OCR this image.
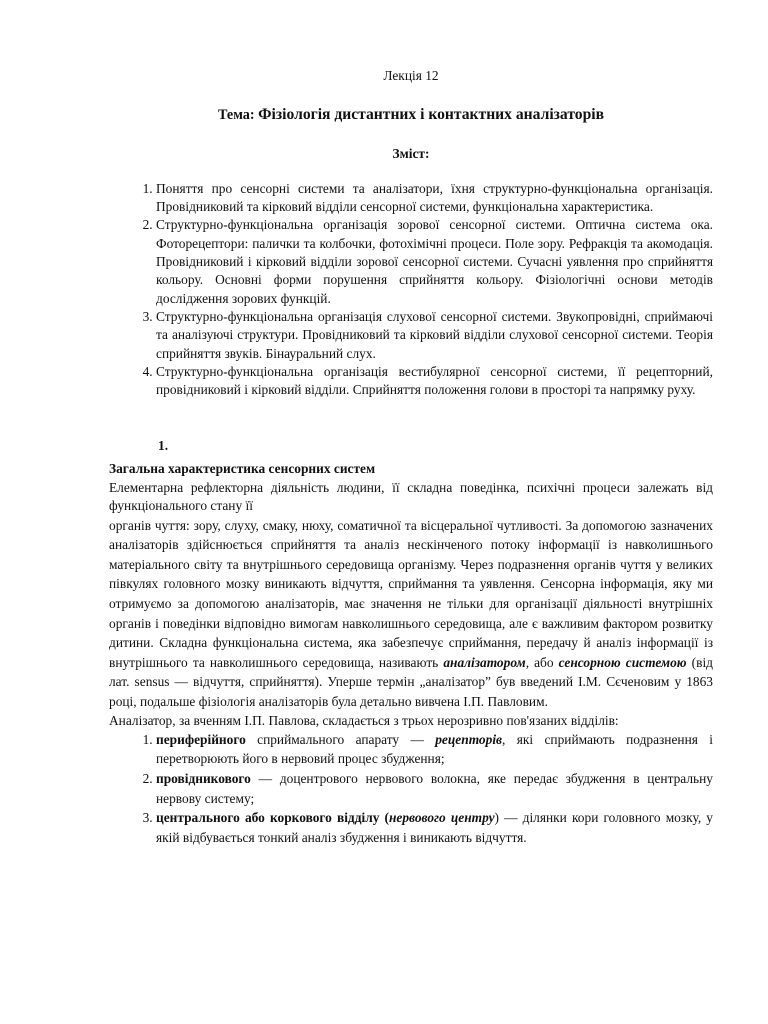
Лекція 12
Тема: Фізіологія дистантних і контактних аналізаторів
Зміст:
1. Поняття про сенсорні системи та аналізатори, їхня структурно-функціональна організація. Провідниковий та кірковий відділи сенсорної системи, функціональна характеристика.
2. Структурно-функціональна організація зорової сенсорної системи. Оптична система ока. Фоторецептори: палички та колбочки, фотохімічні процеси. Поле зору. Рефракція та акомодація. Провідниковий і кірковий відділи зорової сенсорної системи. Сучасні уявлення про сприйняття кольору. Основні форми порушення сприйняття кольору. Фізіологічні основи методів дослідження зорових функцій.
3. Структурно-функціональна організація слухової сенсорної системи. Звукопровідні, сприймаючі та аналізуючі структури. Провідниковий та кірковий відділи слухової сенсорної системи. Теорія сприйняття звуків. Бінауральний слух.
4. Структурно-функціональна організація вестибулярної сенсорної системи, її рецепторний, провідниковий і кірковий відділи. Сприйняття положення голови в просторі та напрямку руху.
1.
Загальна характеристика сенсорних систем

Елементарна рефлекторна діяльність людини, її складна поведінка, психічні процеси залежать від функціонального стану її

органів чуття: зору, слуху, смаку, нюху, соматичної та вісцеральної чутливості. За допомогою зазначених аналізаторів здійснюється сприйняття та аналіз нескінченого потоку інформації із навколишнього матеріального світу та внутрішнього середовища організму. Через подразнення органів чуття у великих півкулях головного мозку виникають відчуття, сприймання та уявлення. Сенсорна інформація, яку ми отримуємо за допомогою аналізаторів, має значення не тільки для організації діяльності внутрішніх органів і поведінки відповідно вимогам навколишнього середовища, але є важливим фактором розвитку дитини. Складна функціональна система, яка забезпечує сприймання, передачу й аналіз інформації із внутрішнього та навколишнього середовища, називають аналізатором, або сенсорною системою (від лат. sensus — відчуття, сприйняття). Уперше термін „аналізатор” був введений І.М. Сєченовим у 1863 році, подальше фізіологія аналізаторів була детально вивчена І.П. Павловим.

Аналізатор, за вченням І.П. Павлова, складається з трьох нерозривно пов'язаних відділів:

1. периферійного сприймального апарату — рецепторів, які сприймають подразнення і перетворюють його в нервовий процес збудження;
2. провідникового — доцентрового нервового волокна, яке передає збудження в центральну нервову систему;
3. центрального або коркового відділу (нервового центру) — ділянки кори головного мозку, у якій відбувається тонкий аналіз збудження і виникають відчуття.
